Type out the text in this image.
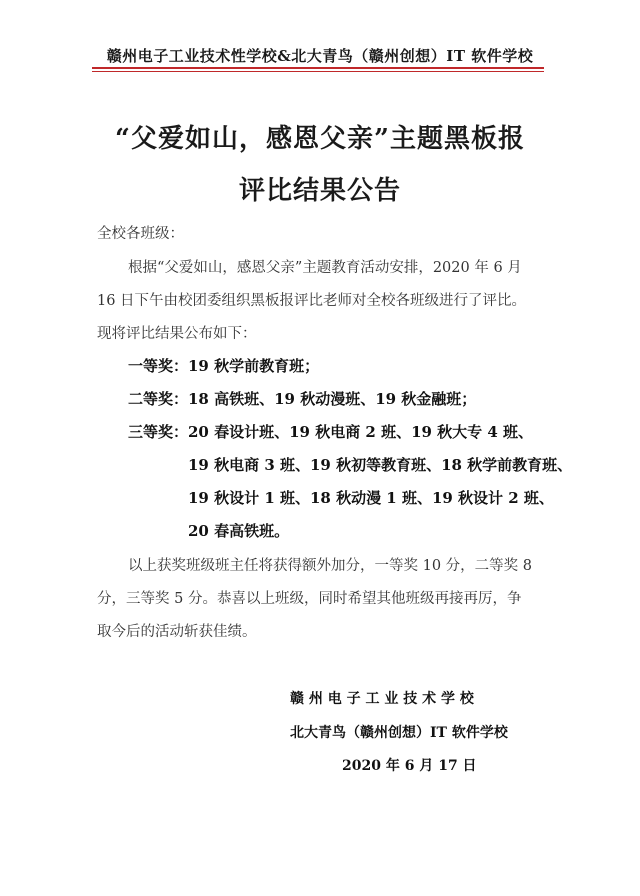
赣州电子工业技术性学校&北大青鸟（赣州创想）IT 软件学校
“父爱如山，感恩父亲”主题黑板报
评比结果公告
全校各班级：
根据“父爱如山，感恩父亲”主题教育活动安排，2020 年 6 月
16 日下午由校团委组织黑板报评比老师对全校各班级进行了评比。
现将评比结果公布如下：
一等奖：19 秋学前教育班；
二等奖：18 高铁班、19 秋动漫班、19 秋金融班；
三等奖：20 春设计班、19 秋电商 2 班、19 秋大专 4 班、
19 秋电商 3 班、19 秋初等教育班、18 秋学前教育班、
19 秋设计 1 班、18 秋动漫 1 班、19 秋设计 2 班、
20 春高铁班。
以上获奖班级班主任将获得额外加分，一等奖 10 分，二等奖 8
分，三等奖 5 分。恭喜以上班级，同时希望其他班级再接再厉，争
取今后的活动斩获佳绩。
赣 州 电 子 工 业 技 术 学 校
北大青鸟（赣州创想）IT 软件学校
2020 年 6 月 17 日
